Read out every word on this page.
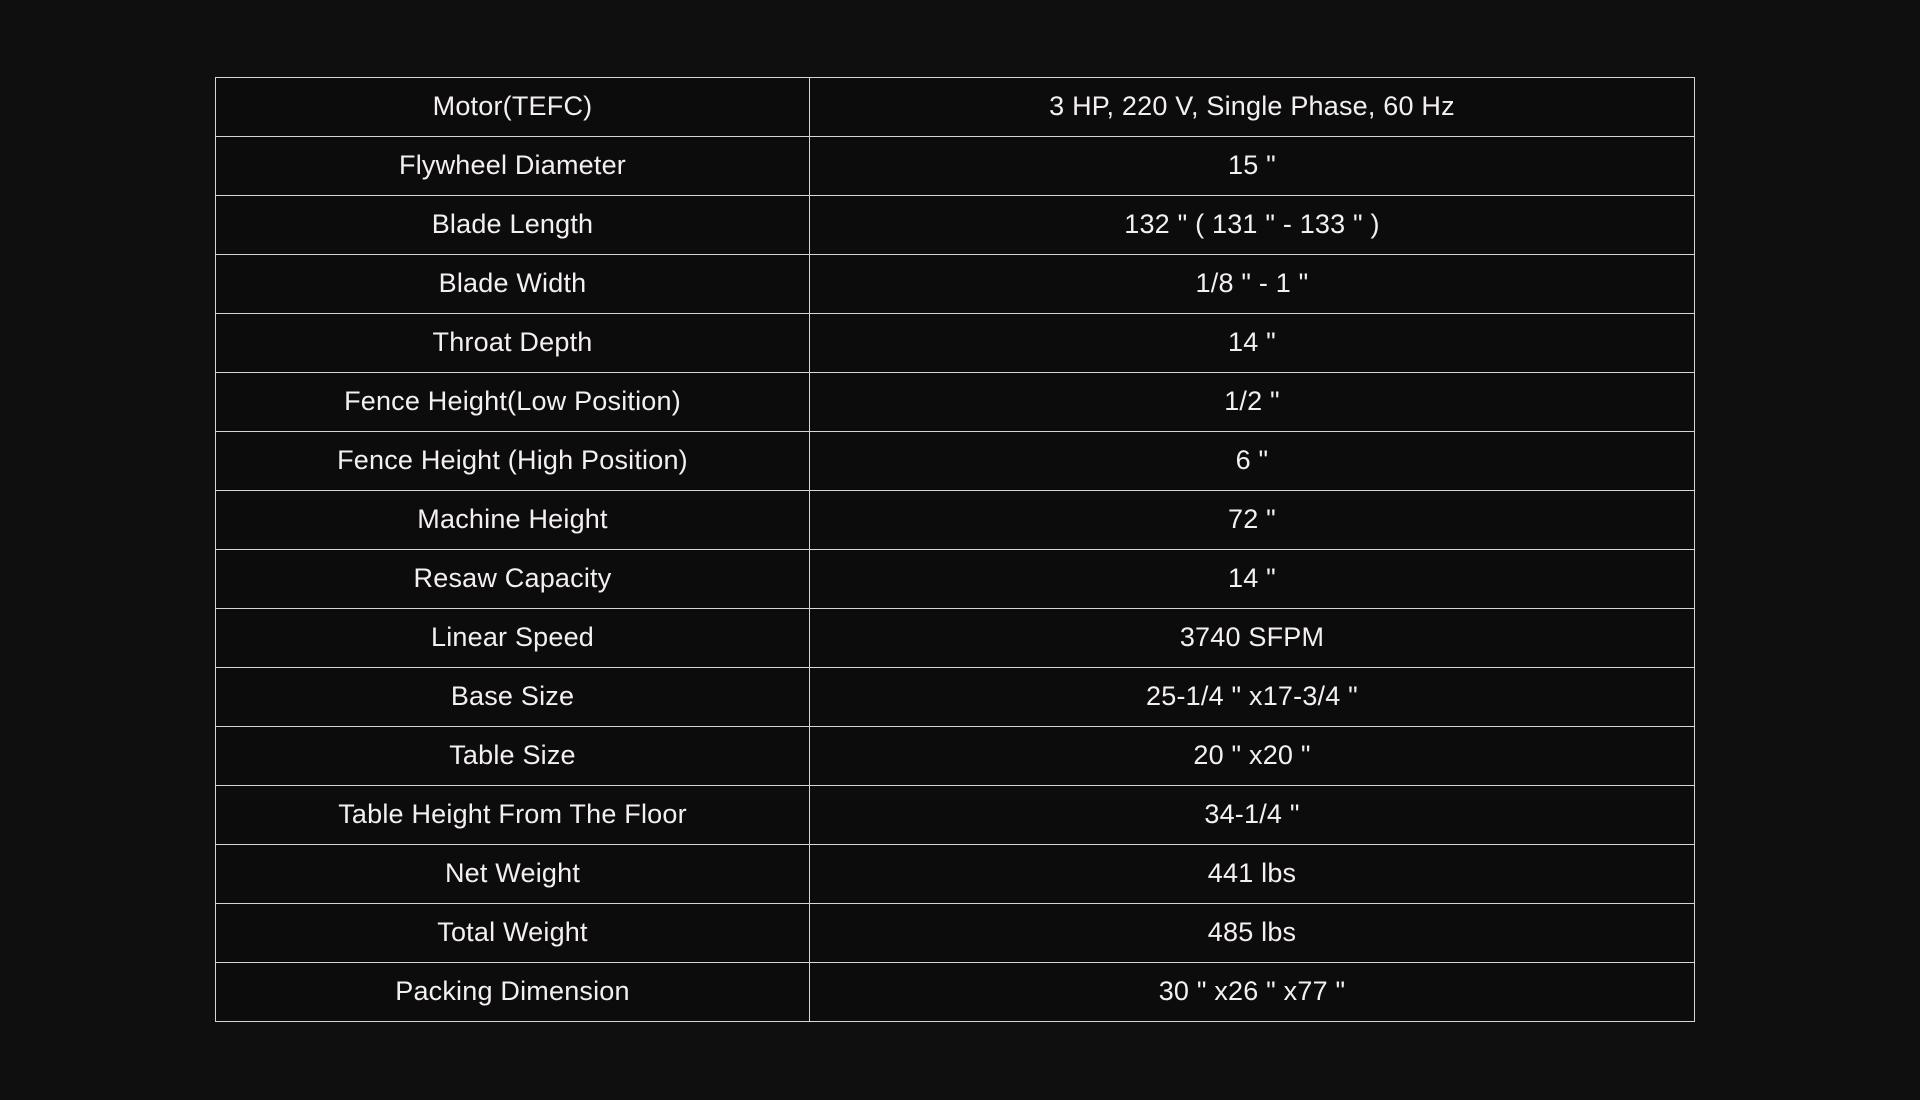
Motor(TEFC)	3 HP, 220 V, Single Phase, 60 Hz
Flywheel Diameter	15 "
Blade Length	132 " ( 131 " - 133 " )
Blade Width	1/8 " - 1 "
Throat Depth	14 "
Fence Height(Low Position)	1/2 "
Fence Height (High Position)	6 "
Machine Height	72 "
Resaw Capacity	14 "
Linear Speed	3740 SFPM
Base Size	25-1/4 " x17-3/4 "
Table Size	20 " x20 "
Table Height From The Floor	34-1/4 "
Net Weight	441 lbs
Total Weight	485 lbs
Packing Dimension	30 " x26 " x77 "
